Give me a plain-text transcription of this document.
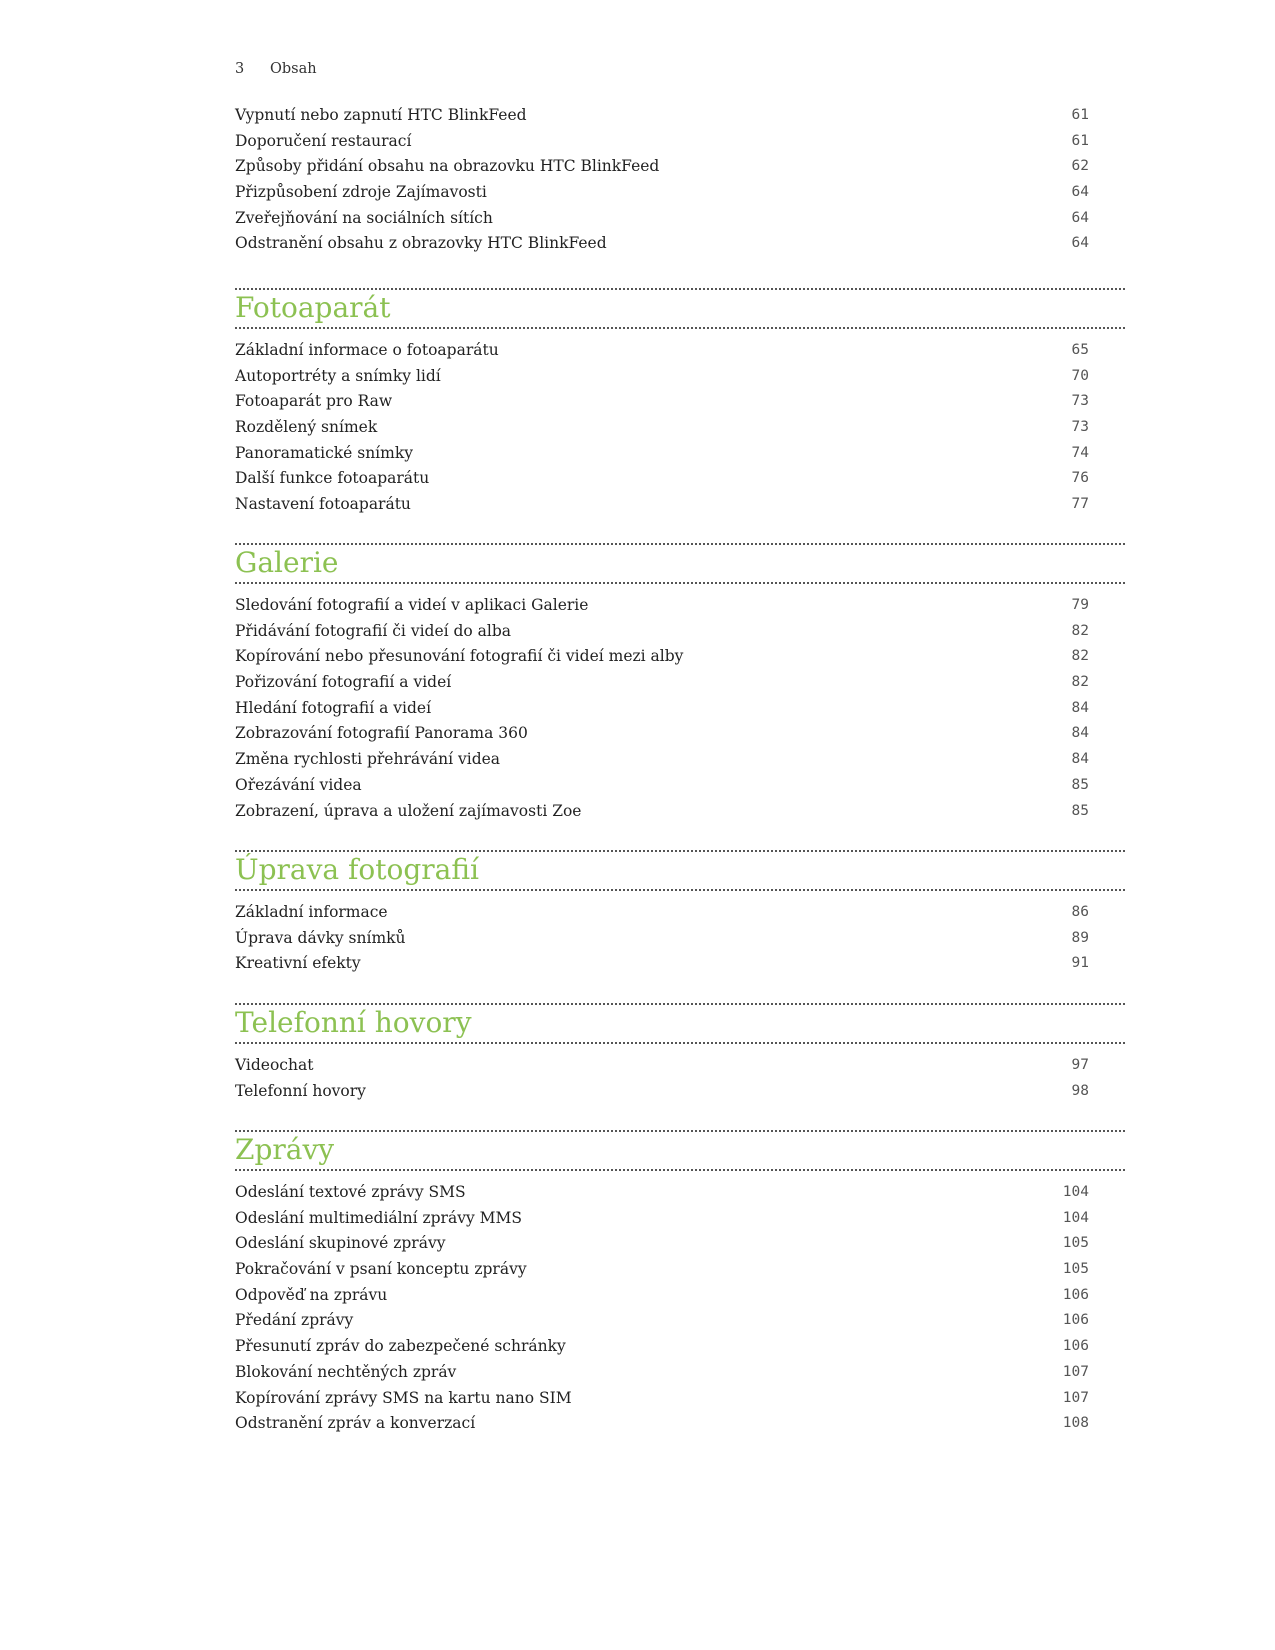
3 Obsah
Vypnutí nebo zapnutí HTC BlinkFeed	61
Doporučení restaurací	61
Způsoby přidání obsahu na obrazovku HTC BlinkFeed	62
Přizpůsobení zdroje Zajímavosti	64
Zveřejňování na sociálních sítích	64
Odstranění obsahu z obrazovky HTC BlinkFeed	64
Fotoaparát
Základní informace o fotoaparátu	65
Autoportréty a snímky lidí	70
Fotoaparát pro Raw	73
Rozdělený snímek	73
Panoramatické snímky	74
Další funkce fotoaparátu	76
Nastavení fotoaparátu	77
Galerie
Sledování fotografií a videí v aplikaci Galerie	79
Přidávání fotografií či videí do alba	82
Kopírování nebo přesunování fotografií či videí mezi alby	82
Pořizování fotografií a videí	82
Hledání fotografií a videí	84
Zobrazování fotografií Panorama 360	84
Změna rychlosti přehrávání videa	84
Ořezávání videa	85
Zobrazení, úprava a uložení zajímavosti Zoe	85
Úprava fotografií
Základní informace	86
Úprava dávky snímků	89
Kreativní efekty	91
Telefonní hovory
Videochat	97
Telefonní hovory	98
Zprávy
Odeslání textové zprávy SMS	104
Odeslání multimediální zprávy MMS	104
Odeslání skupinové zprávy	105
Pokračování v psaní konceptu zprávy	105
Odpověď na zprávu	106
Předání zprávy	106
Přesunutí zpráv do zabezpečené schránky	106
Blokování nechtěných zpráv	107
Kopírování zprávy SMS na kartu nano SIM	107
Odstranění zpráv a konverzací	108
